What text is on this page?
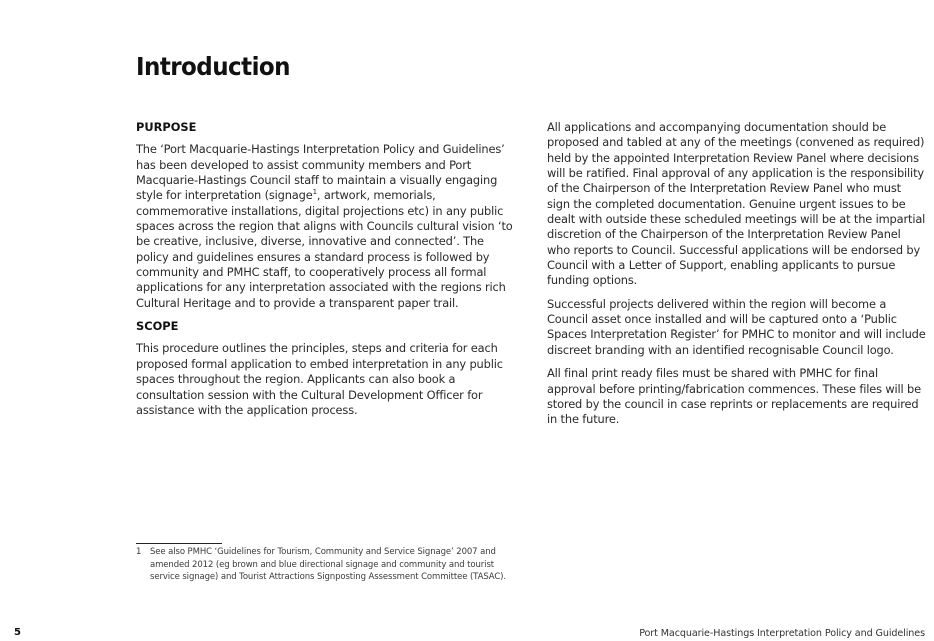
Introduction
PURPOSE

The ‘Port Macquarie-Hastings Interpretation Policy and Guidelines’ has been developed to assist community members and Port Macquarie-Hastings Council staff to maintain a visually engaging style for interpretation (signage$^1$, artwork, memorials, commemorative installations, digital projections etc) in any public spaces across the region that aligns with Councils cultural vision ‘to be creative, inclusive, diverse, innovative and connected’. The policy and guidelines ensures a standard process is followed by community and PMHC staff, to cooperatively process all formal applications for any interpretation associated with the regions rich Cultural Heritage and to provide a transparent paper trail.

SCOPE

This procedure outlines the principles, steps and criteria for each proposed formal application to embed interpretation in any public spaces throughout the region. Applicants can also book a consultation session with the Cultural Development Officer for assistance with the application process.

All applications and accompanying documentation should be proposed and tabled at any of the meetings (convened as required) held by the appointed Interpretation Review Panel where decisions will be ratified. Final approval of any application is the responsibility of the Chairperson of the Interpretation Review Panel who must sign the completed documentation. Genuine urgent issues to be dealt with outside these scheduled meetings will be at the impartial discretion of the Chairperson of the Interpretation Review Panel who reports to Council. Successful applications will be endorsed by Council with a Letter of Support, enabling applicants to pursue funding options.

Successful projects delivered within the region will become a Council asset once installed and will be captured onto a ‘Public Spaces Interpretation Register’ for PMHC to monitor and will include discreet branding with an identified recognisable Council logo.

All final print ready files must be shared with PMHC for final approval before printing/fabrication commences. These files will be stored by the council in case reprints or replacements are required in the future.

1	See also PMHC ‘Guidelines for Tourism, Community and Service Signage’ 2007 and amended 2012 (eg brown and blue directional signage and community and tourist service signage) and Tourist Attractions Signposting Assessment Committee (TASAC).
5	Port Macquarie-Hastings Interpretation Policy and Guidelines
